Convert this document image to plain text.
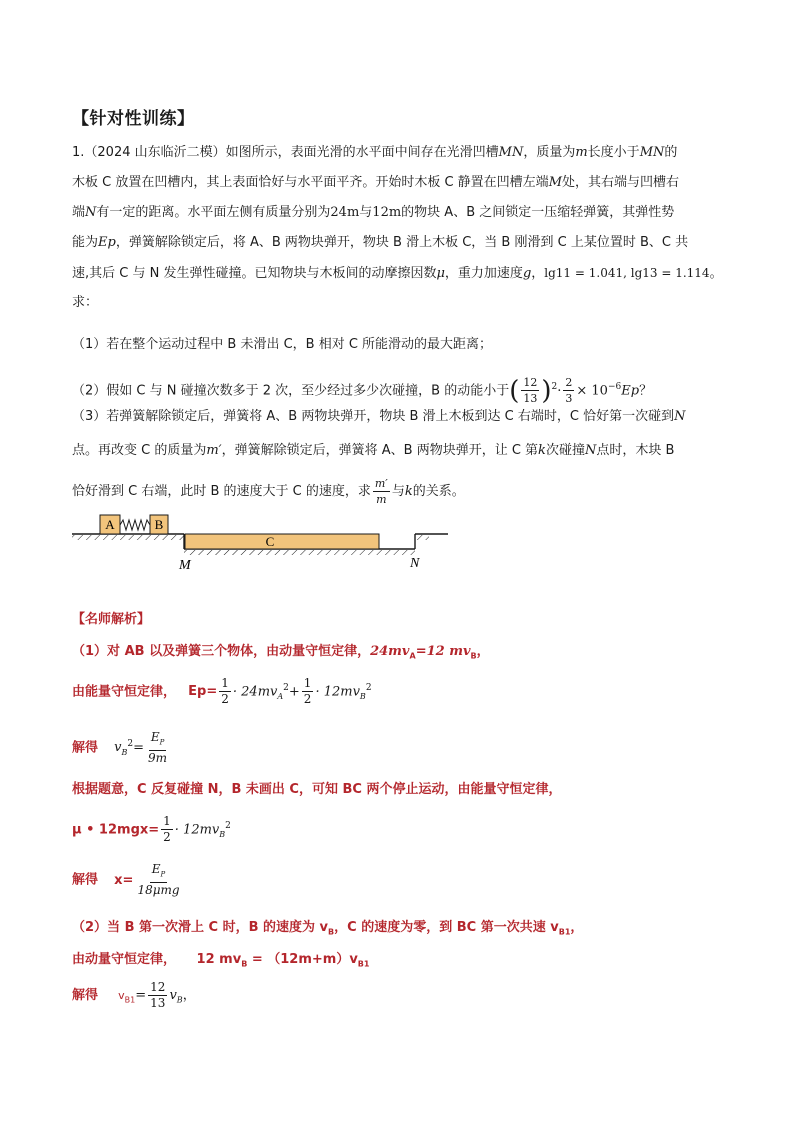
【针对性训练】
1.（2024 山东临沂二模）如图所示，表面光滑的水平面中间存在光滑凹槽MN，质量为m长度小于MN的
木板 C 放置在凹槽内，其上表面恰好与水平面平齐。开始时木板 C 静置在凹槽左端M处，其右端与凹槽右
端N有一定的距离。水平面左侧有质量分别为24m与12m的物块 A、B 之间锁定一压缩轻弹簧，其弹性势
能为Ep，弹簧解除锁定后，将 A、B 两物块弹开，物块 B 滑上木板 C，当 B 刚滑到 C 上某位置时 B、C 共
速,其后 C 与 N 发生弹性碰撞。已知物块与木板间的动摩擦因数μ，重力加速度g，lg11 = 1.041, lg13 = 1.114。
求：
（1）若在整个运动过程中 B 未滑出 C，B 相对 C 所能滑动的最大距离；
（2）假如 C 与 N 碰撞次数多于 2 次，至少经过多少次碰撞，B 的动能小于( $\frac{12}{13} )^2\cdot \frac{2}{3} \times 10^{-6}Ep$？
（3）若弹簧解除锁定后，弹簧将 A、B 两物块弹开，物块 B 滑上木板到达 C 右端时，C 恰好第一次碰到N
点。再改变 C 的质量为m′，弹簧解除锁定后，弹簧将 A、B 两物块弹开，让 C 第k次碰撞N点时，木块 B
恰好滑到 C 右端，此时 B 的速度大于 C 的速度，求 $\frac{m'}{m}$ 与k的关系。
A	B
C
M	N
【名师解析】
（1）对 AB 以及弹簧三个物体，由动量守恒定律，$24mv_A=12$ $mv_B$，
由能量守恒定律， $Ep= \frac{1}{2} \cdot 24mv_A^2+ \frac{1}{2} \cdot 12mv_B^2$
解得 $v_B^2= \frac{E_P}{9m}$
根据题意，C 反复碰撞 N，B 未画出 C，可知 BC 两个停止运动，由能量守恒定律，
μ • $12mgx= \frac{1}{2} \cdot 12mv_B^2$
解得 $x= \frac{E_P}{\text{18μmg}}$
（2）当 B 第一次滑上 C 时，B 的速度为 $v_B$，C 的速度为零，到 BC 第一次共速 $v_{B1}$，
由动量守恒定律， 12 $mv_B = (12m+m)v_{B1}$
解得 $v_{B1}= \frac{12}{13} v_B$，
